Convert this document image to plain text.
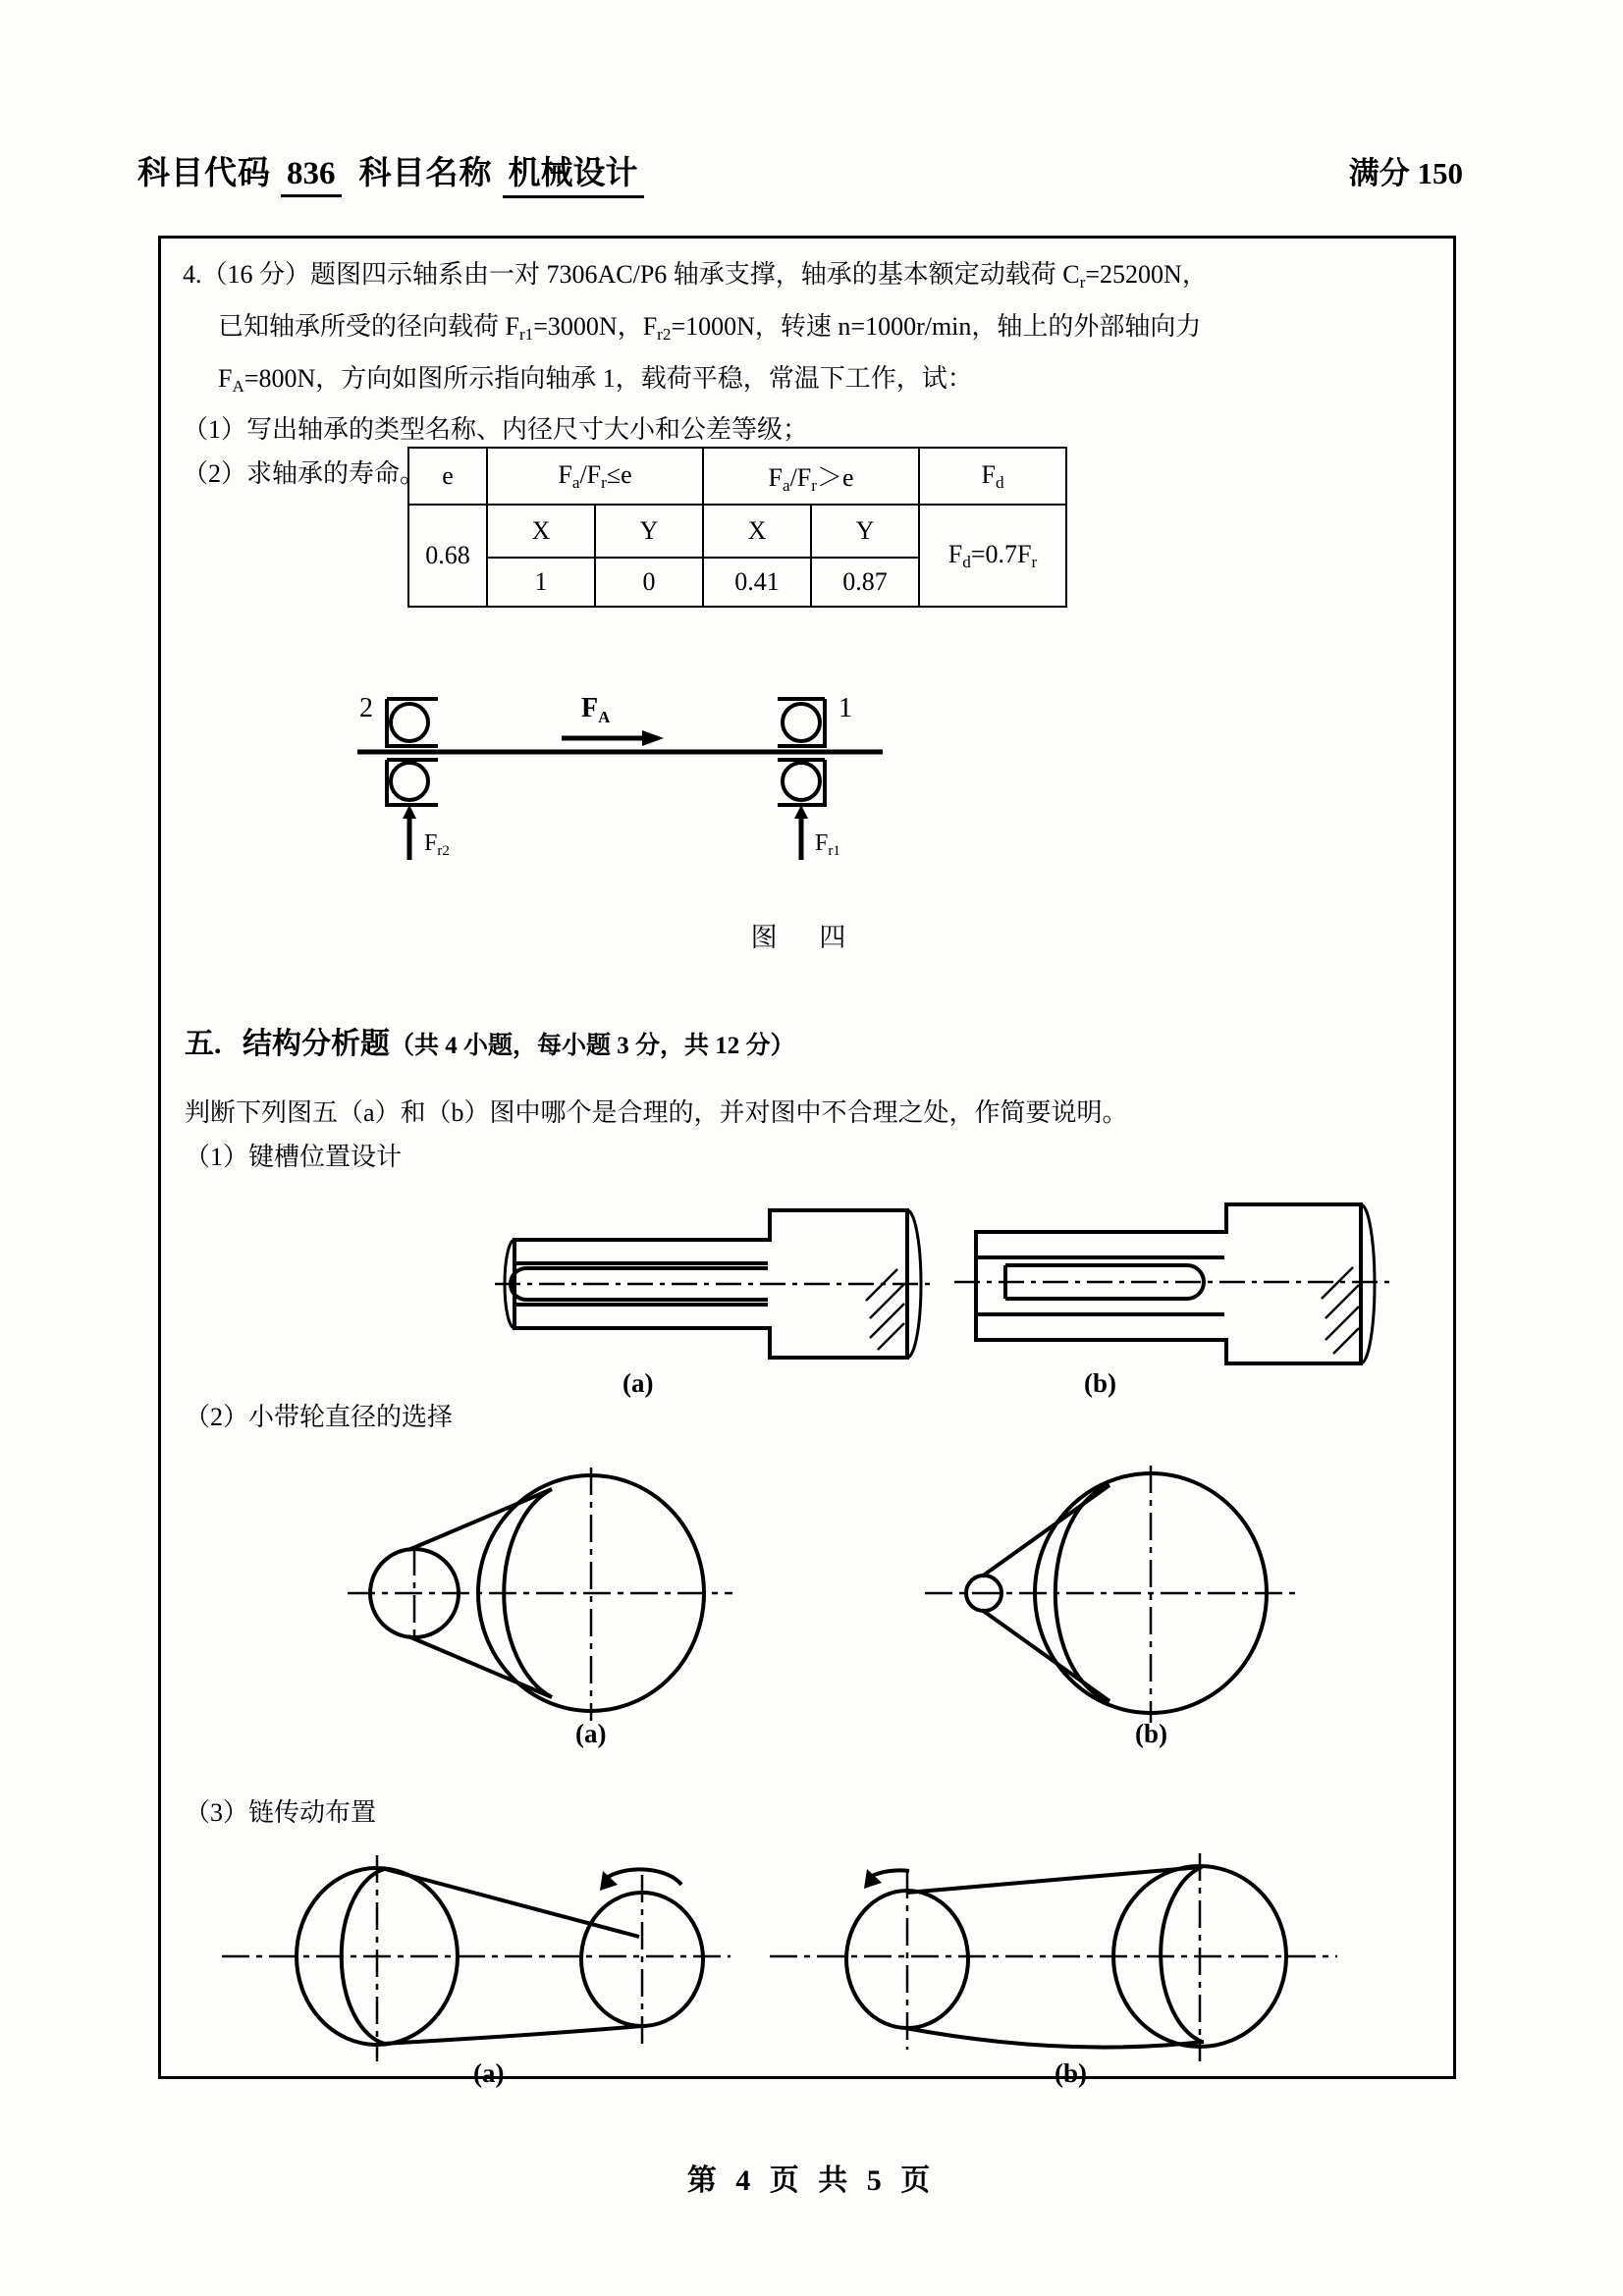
科目代码 836 科目名称 机械设计	满分 150
4.（16 分）题图四示轴系由一对 7306AC/P6 轴承支撑，轴承的基本额定动载荷 $C_r=25200N$，
已知轴承所受的径向载荷 $F_{r1}=3000N$，$F_{r2}=1000N$，转速 n=1000r/min，轴上的外部轴向力
$F_A=800N$，方向如图所示指向轴承 1，载荷平稳，常温下工作，试：
（1）写出轴承的类型名称、内径尺寸大小和公差等级；
（2）求轴承的寿命。 e	$F_a/F_r\le e$		$F_a/F_r>e$		$F_d$
0.68	X	Y	X	Y	$F_d=0.7F_r$
	1	0	0.41	0.87	
2	1
$F_A$
$F_{r2}$	$F_{r1}$
图 四
五. 结构分析题（共 4 小题，每小题 3 分，共 12 分）
判断下列图五（a）和（b）图中哪个是合理的，并对图中不合理之处，作简要说明。
（1）键槽位置设计
(a)	(b)
（2）小带轮直径的选择
(a)	(b)
（3）链传动布置
(a)	(b)
第 4 页 共 5 页
